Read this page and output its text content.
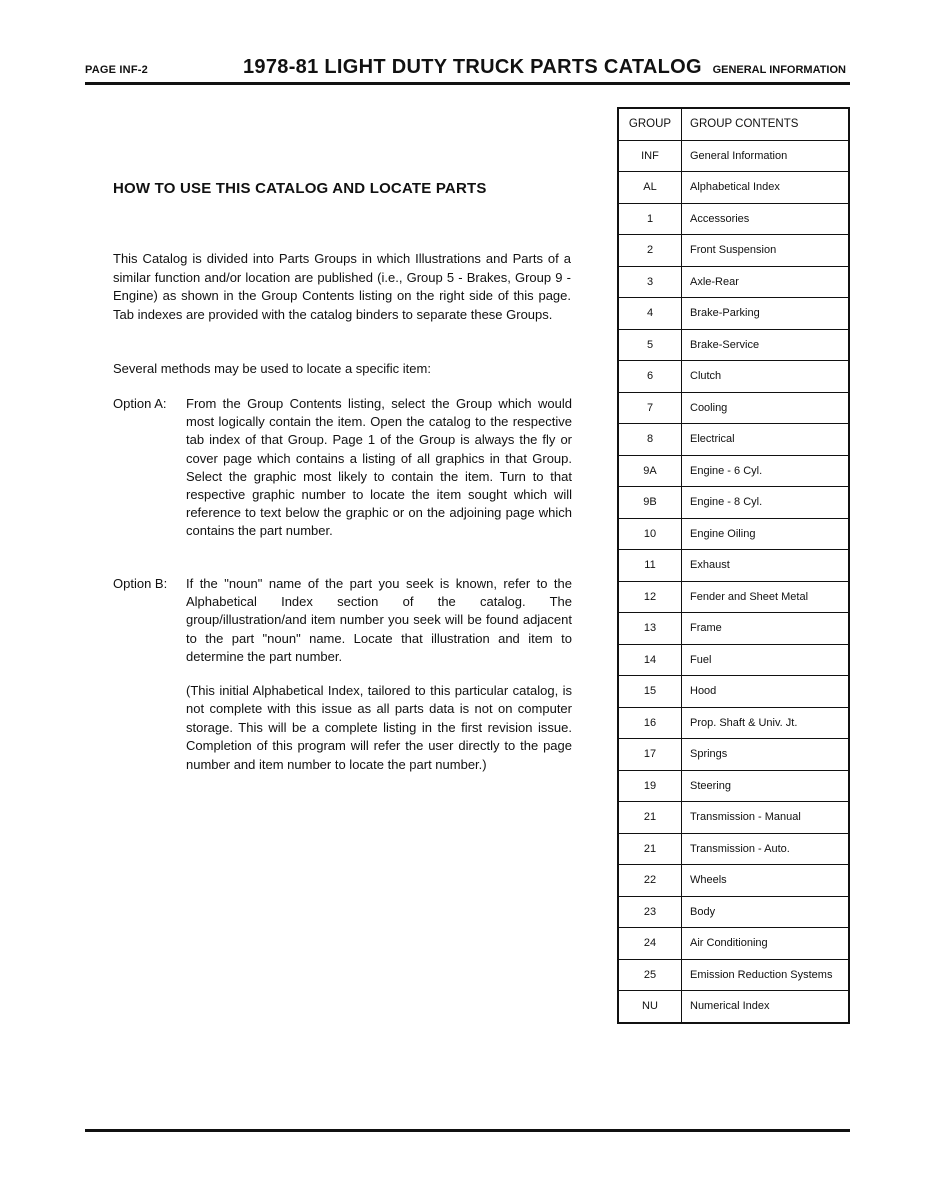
PAGE INF-2	1978-81 LIGHT DUTY TRUCK PARTS CATALOG GENERAL INFORMATION
HOW TO USE THIS CATALOG AND LOCATE PARTS

This Catalog is divided into Parts Groups in which Illustrations and Parts of a similar function and/or location are published (i.e., Group 5 - Brakes, Group 9 - Engine) as shown in the Group Contents listing on the right side of this page. Tab indexes are provided with the catalog binders to separate these Groups.

Several methods may be used to locate a specific item:

Option A: From the Group Contents listing, select the Group which would most logically contain the item. Open the catalog to the respective tab index of that Group. Page 1 of the Group is always the fly or cover page which contains a listing of all graphics in that Group. Select the graphic most likely to contain the item. Turn to that respective graphic number to locate the item sought which will reference to text below the graphic or on the adjoining page which contains the part number.

Option B: If the "noun" name of the part you seek is known, refer to the Alphabetical Index section of the catalog. The group/illustration/and item number you seek will be found adjacent to the part "noun" name. Locate that illustration and item to determine the part number.

(This initial Alphabetical Index, tailored to this particular catalog, is not complete with this issue as all parts data is not on computer storage. This will be a complete listing in the first revision issue. Completion of this program will refer the user directly to the page number and item number to locate the part number.)

GROUP	GROUP CONTENTS
INF	General Information
AL	Alphabetical Index
1	Accessories
2	Front Suspension
3	Axle-Rear
4	Brake-Parking
5	Brake-Service
6	Clutch
7	Cooling
8	Electrical
9A	Engine - 6 Cyl.
9B	Engine - 8 Cyl.
10	Engine Oiling
11	Exhaust
12	Fender and Sheet Metal
13	Frame
14	Fuel
15	Hood
16	Prop. Shaft & Univ. Jt.
17	Springs
19	Steering
21	Transmission - Manual
21	Transmission - Auto.
22	Wheels
23	Body
24	Air Conditioning
25	Emission Reduction Systems
NU	Numerical Index
